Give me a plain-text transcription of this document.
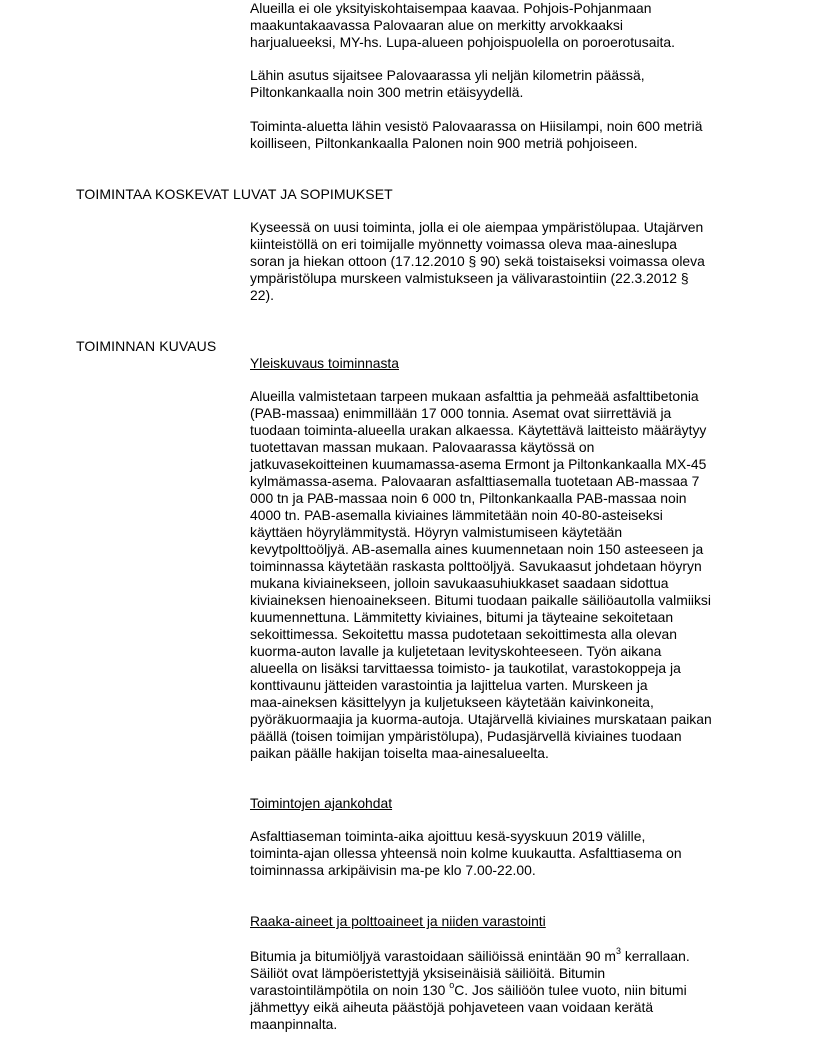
Alueilla ei ole yksityiskohtaisempaa kaavaa. Pohjois-Pohjanmaan
maakuntakaavassa Palovaaran alue on merkitty arvokkaaksi
harjualueeksi, MY-hs. Lupa-alueen pohjoispuolella on poroerotusaita.
Lähin asutus sijaitsee Palovaarassa yli neljän kilometrin päässä,
Piltonkankaalla noin 300 metrin etäisyydellä.
Toiminta-aluetta lähin vesistö Palovaarassa on Hiisilampi, noin 600 metriä
koilliseen, Piltonkankaalla Palonen noin 900 metriä pohjoiseen.
TOIMINTAA KOSKEVAT LUVAT JA SOPIMUKSET
Kyseessä on uusi toiminta, jolla ei ole aiempaa ympäristölupaa. Utajärven
kiinteistöllä on eri toimijalle myönnetty voimassa oleva maa-aineslupa
soran ja hiekan ottoon (17.12.2010 § 90) sekä toistaiseksi voimassa oleva
ympäristölupa murskeen valmistukseen ja välivarastointiin (22.3.2012 §
22).
TOIMINNAN KUVAUS
Yleiskuvaus toiminnasta
Alueilla valmistetaan tarpeen mukaan asfalttia ja pehmeää asfalttibetonia
(PAB-massaa) enimmillään 17 000 tonnia. Asemat ovat siirrettäviä ja
tuodaan toiminta-alueella urakan alkaessa. Käytettävä laitteisto määräytyy
tuotettavan massan mukaan. Palovaarassa käytössä on
jatkuvasekoitteinen kuumamassa-asema Ermont ja Piltonkankaalla MX-45
kylmämassa-asema. Palovaaran asfalttiasemalla tuotetaan AB-massaa 7
000 tn ja PAB-massaa noin 6 000 tn, Piltonkankaalla PAB-massaa noin
4000 tn. PAB-asemalla kiviaines lämmitetään noin 40-80-asteiseksi
käyttäen höyrylämmitystä. Höyryn valmistumiseen käytetään
kevytpolttoöljyä. AB-asemalla aines kuumennetaan noin 150 asteeseen ja
toiminnassa käytetään raskasta polttoöljyä. Savukaasut johdetaan höyryn
mukana kiviainekseen, jolloin savukaasuhiukkaset saadaan sidottua
kiviaineksen hienoainekseen. Bitumi tuodaan paikalle säiliöautolla valmiiksi
kuumennettuna. Lämmitetty kiviaines, bitumi ja täyteaine sekoitetaan
sekoittimessa. Sekoitettu massa pudotetaan sekoittimesta alla olevan
kuorma-auton lavalle ja kuljetetaan levityskohteeseen. Työn aikana
alueella on lisäksi tarvittaessa toimisto- ja taukotilat, varastokoppeja ja
konttivaunu jätteiden varastointia ja lajittelua varten. Murskeen ja
maa-aineksen käsittelyyn ja kuljetukseen käytetään kaivinkoneita,
pyöräkuormaajia ja kuorma-autoja. Utajärvellä kiviaines murskataan paikan
päällä (toisen toimijan ympäristölupa), Pudasjärvellä kiviaines tuodaan
paikan päälle hakijan toiselta maa-ainesalueelta.
Toimintojen ajankohdat
Asfalttiaseman toiminta-aika ajoittuu kesä-syyskuun 2019 välille,
toiminta-ajan ollessa yhteensä noin kolme kuukautta. Asfalttiasema on
toiminnassa arkipäivisin ma-pe klo 7.00-22.00.
Raaka-aineet ja polttoaineet ja niiden varastointi
Bitumia ja bitumiöljyä varastoidaan säiliöissä enintään 90 $m^3$ kerrallaan.
Säiliöt ovat lämpöeristettyjä yksiseinäisiä säiliöitä. Bitumin
varastointilämpötila on noin 130 $^o$C. Jos säiliöön tulee vuoto, niin bitumi
jähmettyy eikä aiheuta päästöjä pohjaveteen vaan voidaan kerätä
maanpinnalta.
